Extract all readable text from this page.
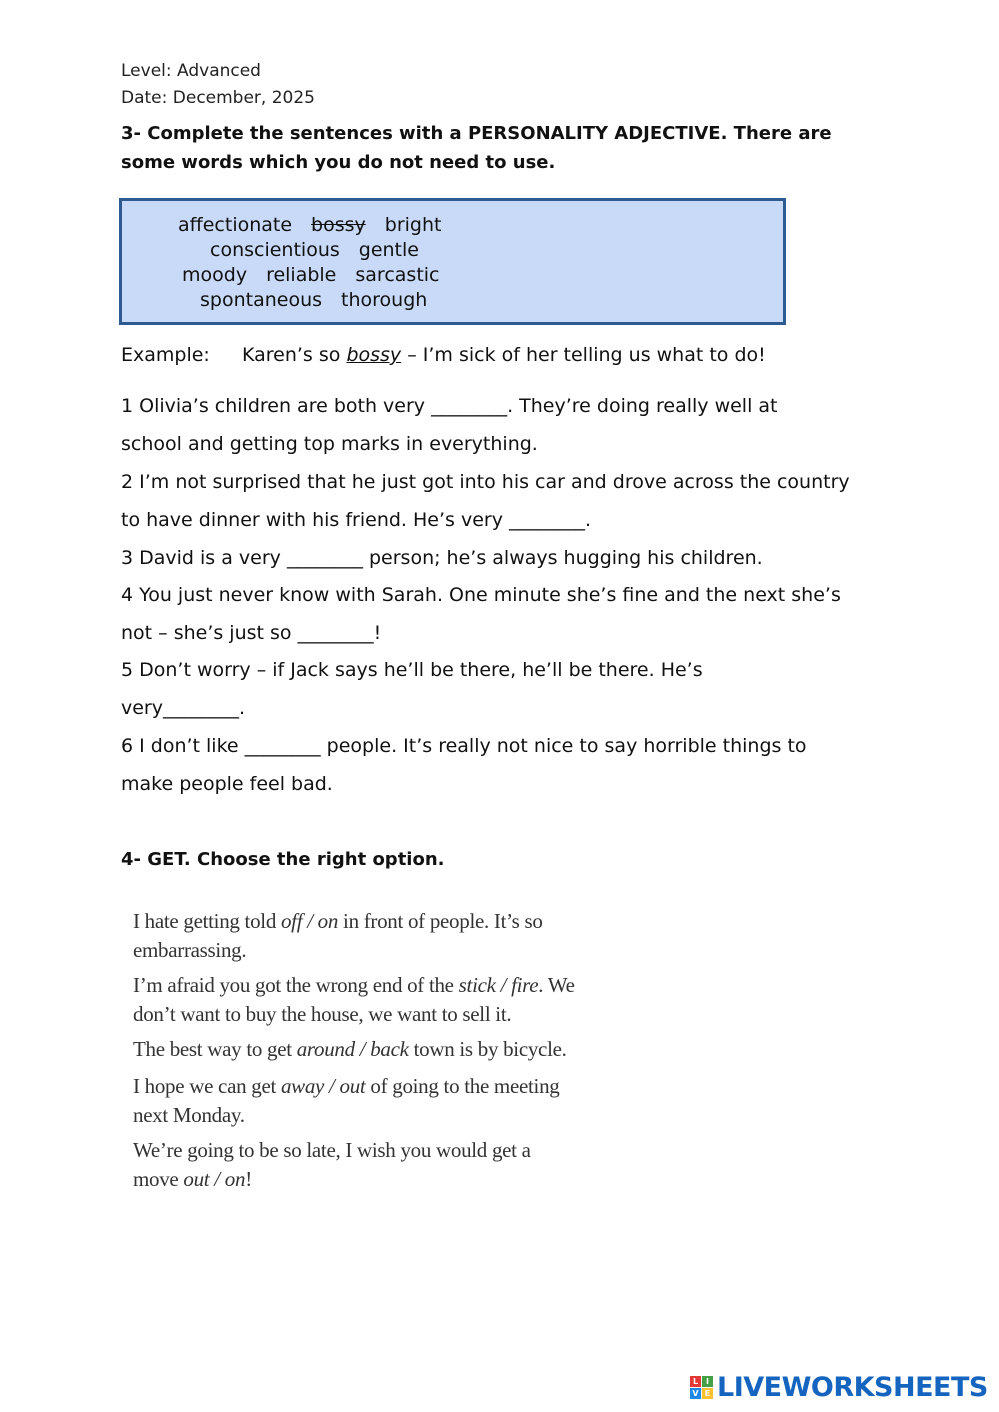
Level: Advanced
Date: December, 2025
3- Complete the sentences with a PERSONALITY ADJECTIVE. There are
some words which you do not need to use.
affectionate bossy bright
conscientious gentle
moody reliable sarcastic
spontaneous thorough
Example: Karen’s so bossy – I’m sick of her telling us what to do!
1 Olivia’s children are both very ________. They’re doing really well at
school and getting top marks in everything.
2 I’m not surprised that he just got into his car and drove across the country
to have dinner with his friend. He’s very ________.
3 David is a very ________ person; he’s always hugging his children.
4 You just never know with Sarah. One minute she’s fine and the next she’s
not – she’s just so ________!
5 Don’t worry – if Jack says he’ll be there, he’ll be there. He’s
very________.
6 I don’t like ________ people. It’s really not nice to say horrible things to
make people feel bad.
4- GET. Choose the right option.
I hate getting told off / on in front of people. It’s so
embarrassing.
I’m afraid you got the wrong end of the stick / fire. We
don’t want to buy the house, we want to sell it.
The best way to get around / back town is by bicycle.
I hope we can get away / out of going to the meeting
next Monday.
We’re going to be so late, I wish you would get a
move out / on!
L I
V E LIVEWORKSHEETS
